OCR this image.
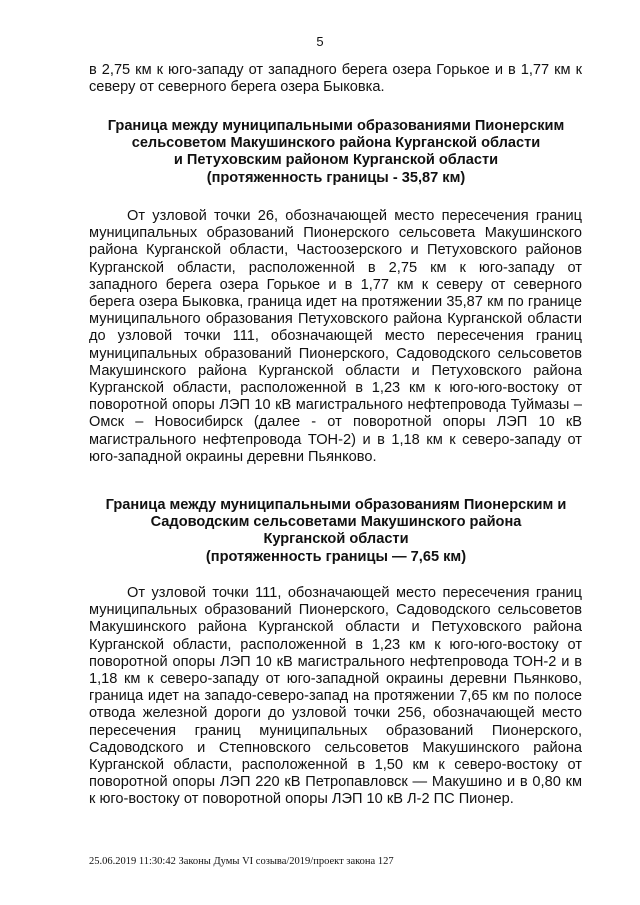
5

в 2,75 км к юго-западу от западного берега озера Горькое и в 1,77 км к северу от северного берега озера Быковка.

Граница между муниципальными образованиями Пионерским
сельсоветом Макушинского района Курганской области
и Петуховским районом Курганской области
(протяженность границы - 35,87 км)

От узловой точки 26, обозначающей место пересечения границ муниципальных образований Пионерского сельсовета Макушинского района Курганской области, Частоозерского и Петуховского районов Курганской области, расположенной в 2,75 км к юго-западу от западного берега озера Горькое и в 1,77 км к северу от северного берега озера Быковка, граница идет на протяжении 35,87 км по границе муниципального образования Петуховского района Курганской области до узловой точки 111, обозначающей место пересечения границ муниципальных образований Пионерского, Садоводского сельсоветов Макушинского района Курганской области и Петуховского района Курганской области, расположенной в 1,23 км к юго-юго-востоку от поворотной опоры ЛЭП 10 кВ магистрального нефтепровода Туймазы – Омск – Новосибирск (далее - от поворотной опоры ЛЭП 10 кВ магистрального нефтепровода ТОН-2) и в 1,18 км к северо-западу от юго-западной окраины деревни Пьянково.

Граница между муниципальными образованиям Пионерским и
Садоводским сельсоветами Макушинского района
Курганской области
(протяженность границы — 7,65 км)

От узловой точки 111, обозначающей место пересечения границ муниципальных образований Пионерского, Садоводского сельсоветов Макушинского района Курганской области и Петуховского района Курганской области, расположенной в 1,23 км к юго-юго-востоку от поворотной опоры ЛЭП 10 кВ магистрального нефтепровода ТОН-2 и в 1,18 км к северо-западу от юго-западной окраины деревни Пьянково, граница идет на западо-северо-запад на протяжении 7,65 км по полосе отвода железной дороги до узловой точки 256, обозначающей место пересечения границ муниципальных образований Пионерского, Садоводского и Степновского сельсоветов Макушинского района Курганской области, расположенной в 1,50 км к северо-востоку от поворотной опоры ЛЭП 220 кВ Петропавловск — Макушино и в 0,80 км к юго-востоку от поворотной опоры ЛЭП 10 кВ Л-2 ПС Пионер.

25.06.2019 11:30:42 Законы Думы VI созыва/2019/проект закона 127
